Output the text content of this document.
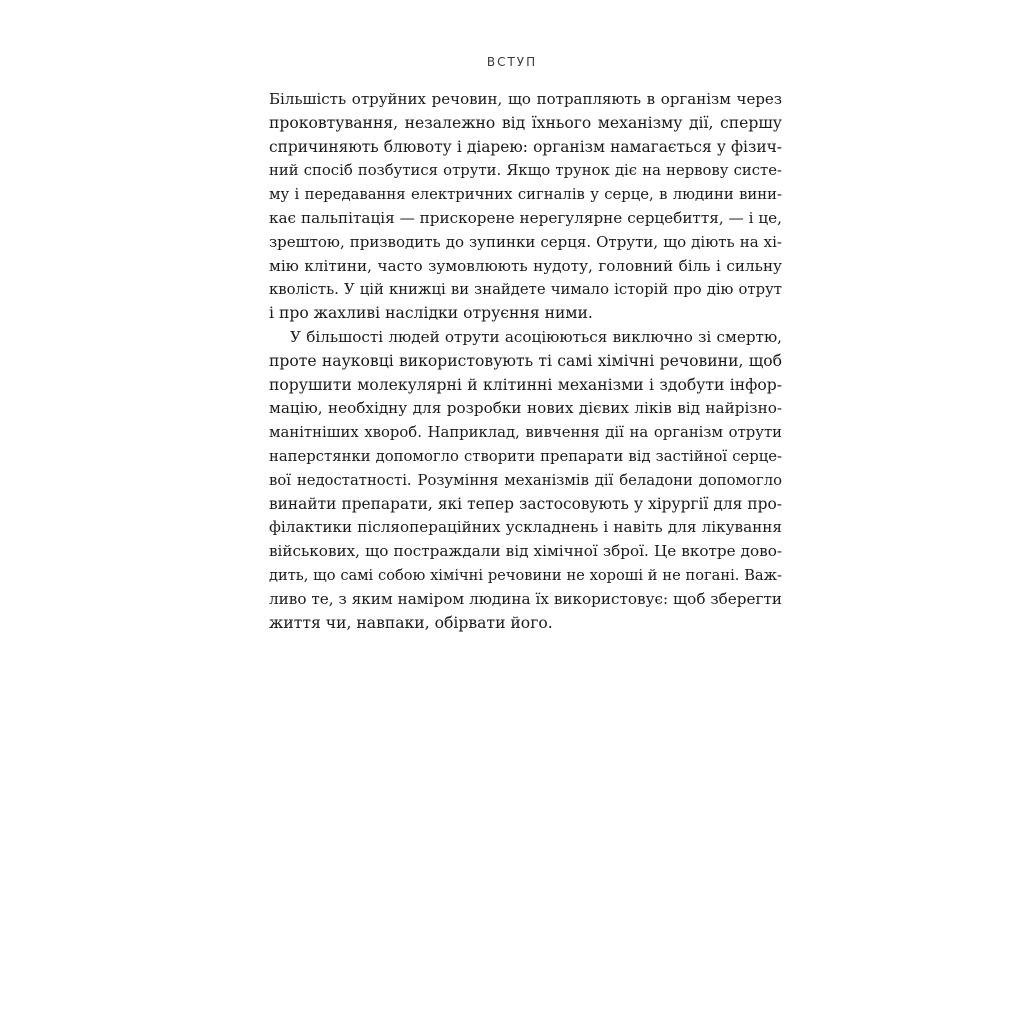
ВСТУП
Більшість отруйних речовин, що потрапляють в організм через
проковтування, незалежно від їхнього механізму дії, спершу
спричиняють блювоту і діарею: організм намагається у фізич-
ний спосіб позбутися отрути. Якщо трунок діє на нервову систе-
му і передавання електричних сигналів у серце, в людини вини-
кає пальпітація — прискорене нерегулярне серцебиття, — і це,
зрештою, призводить до зупинки серця. Отрути, що діють на хі-
мію клітини, часто зумовлюють нудоту, головний біль і сильну
кволість. У цій книжці ви знайдете чимало історій про дію отрут
і про жахливі наслідки отруєння ними.
У більшості людей отрути асоціюються виключно зі смертю,
проте науковці використовують ті самі хімічні речовини, щоб
порушити молекулярні й клітинні механізми і здобути інфор-
мацію, необхідну для розробки нових дієвих ліків від найрізно-
манітніших хвороб. Наприклад, вивчення дії на організм отрути
наперстянки допомогло створити препарати від застійної серце-
вої недостатності. Розуміння механізмів дії беладони допомогло
винайти препарати, які тепер застосовують у хірургії для про-
філактики післяопераційних ускладнень і навіть для лікування
військових, що постраждали від хімічної зброї. Це вкотре дово-
дить, що самі собою хімічні речовини не хороші й не погані. Важ-
ливо те, з яким наміром людина їх використовує: щоб зберегти
життя чи, навпаки, обірвати його.
